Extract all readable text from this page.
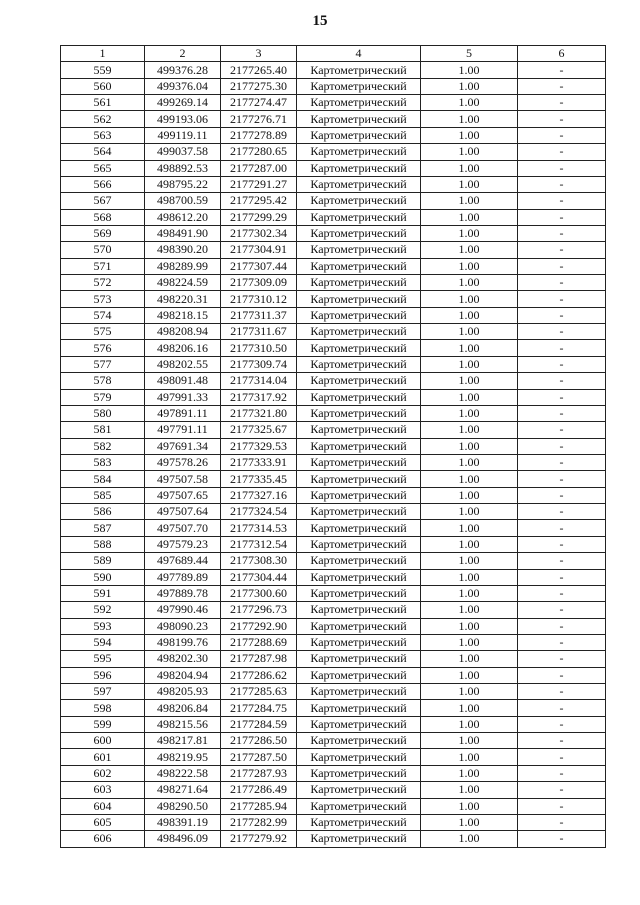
15
1	2	3	4	5	6
559	499376.28	2177265.40	Картометрический	1.00	-
560	499376.04	2177275.30	Картометрический	1.00	-
561	499269.14	2177274.47	Картометрический	1.00	-
562	499193.06	2177276.71	Картометрический	1.00	-
563	499119.11	2177278.89	Картометрический	1.00	-
564	499037.58	2177280.65	Картометрический	1.00	-
565	498892.53	2177287.00	Картометрический	1.00	-
566	498795.22	2177291.27	Картометрический	1.00	-
567	498700.59	2177295.42	Картометрический	1.00	-
568	498612.20	2177299.29	Картометрический	1.00	-
569	498491.90	2177302.34	Картометрический	1.00	-
570	498390.20	2177304.91	Картометрический	1.00	-
571	498289.99	2177307.44	Картометрический	1.00	-
572	498224.59	2177309.09	Картометрический	1.00	-
573	498220.31	2177310.12	Картометрический	1.00	-
574	498218.15	2177311.37	Картометрический	1.00	-
575	498208.94	2177311.67	Картометрический	1.00	-
576	498206.16	2177310.50	Картометрический	1.00	-
577	498202.55	2177309.74	Картометрический	1.00	-
578	498091.48	2177314.04	Картометрический	1.00	-
579	497991.33	2177317.92	Картометрический	1.00	-
580	497891.11	2177321.80	Картометрический	1.00	-
581	497791.11	2177325.67	Картометрический	1.00	-
582	497691.34	2177329.53	Картометрический	1.00	-
583	497578.26	2177333.91	Картометрический	1.00	-
584	497507.58	2177335.45	Картометрический	1.00	-
585	497507.65	2177327.16	Картометрический	1.00	-
586	497507.64	2177324.54	Картометрический	1.00	-
587	497507.70	2177314.53	Картометрический	1.00	-
588	497579.23	2177312.54	Картометрический	1.00	-
589	497689.44	2177308.30	Картометрический	1.00	-
590	497789.89	2177304.44	Картометрический	1.00	-
591	497889.78	2177300.60	Картометрический	1.00	-
592	497990.46	2177296.73	Картометрический	1.00	-
593	498090.23	2177292.90	Картометрический	1.00	-
594	498199.76	2177288.69	Картометрический	1.00	-
595	498202.30	2177287.98	Картометрический	1.00	-
596	498204.94	2177286.62	Картометрический	1.00	-
597	498205.93	2177285.63	Картометрический	1.00	-
598	498206.84	2177284.75	Картометрический	1.00	-
599	498215.56	2177284.59	Картометрический	1.00	-
600	498217.81	2177286.50	Картометрический	1.00	-
601	498219.95	2177287.50	Картометрический	1.00	-
602	498222.58	2177287.93	Картометрический	1.00	-
603	498271.64	2177286.49	Картометрический	1.00	-
604	498290.50	2177285.94	Картометрический	1.00	-
605	498391.19	2177282.99	Картометрический	1.00	-
606	498496.09	2177279.92	Картометрический	1.00	-
